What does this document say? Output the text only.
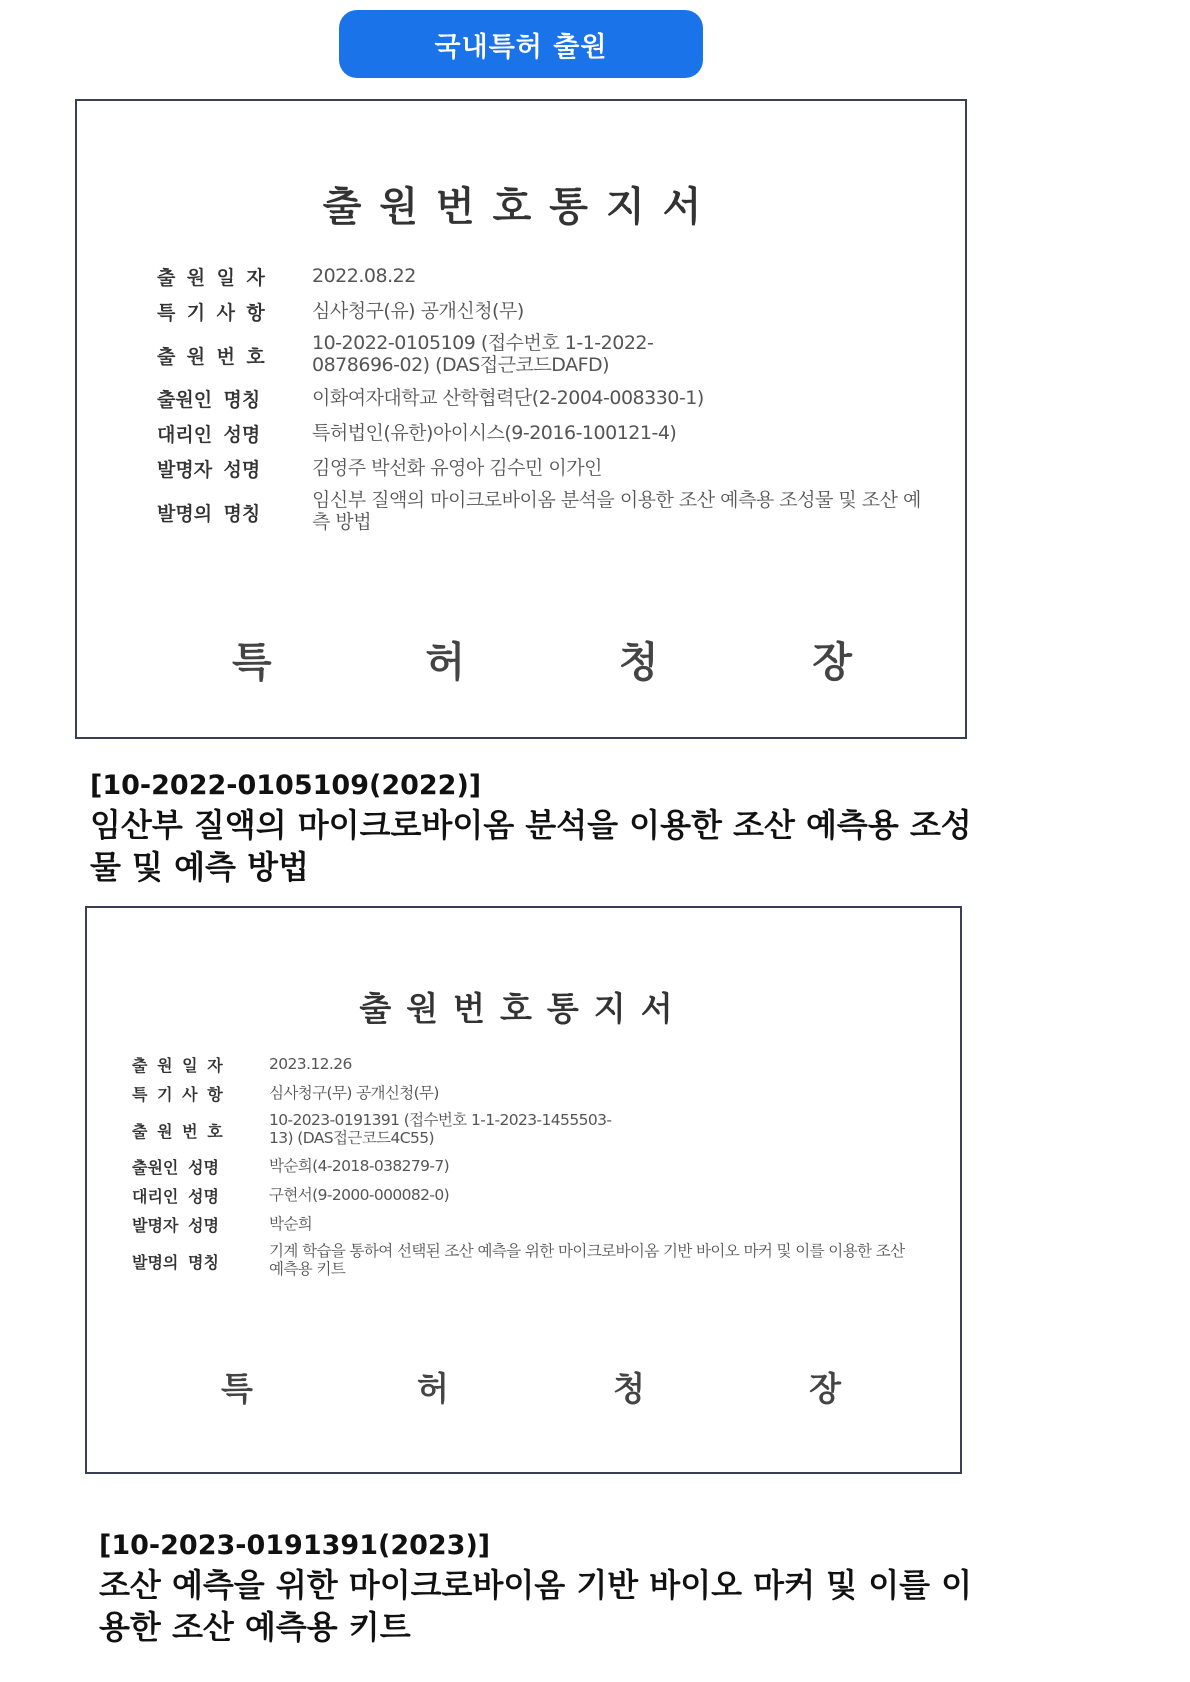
국내특허 출원
출원번호통지서
출 원 일 자	2022.08.22
특 기 사 항	심사청구(유) 공개신청(무)
출 원 번 호
10-2022-0105109 (접수번호 1-1-2022-0878696-02) (DAS접근코드DAFD)
출원인 명칭	이화여자대학교 산학협력단(2-2004-008330-1)
대리인 성명	특허법인(유한)아이시스(9-2016-100121-4)
발명자 성명	김영주 박선화 유영아 김수민 이가인
발명의 명칭
임신부 질액의 마이크로바이옴 분석을 이용한 조산 예측용 조성물 및 조산 예측 방법
특	허	청	장
[10-2022-0105109(2022)]
임산부 질액의 마이크로바이옴 분석을 이용한 조산 예측용 조성물 및 예측 방법
출원번호통지서
출 원 일 자	2023.12.26
특 기 사 항	심사청구(무) 공개신청(무)
출 원 번 호
10-2023-0191391 (접수번호 1-1-2023-1455503-13) (DAS접근코드4C55)
출원인 성명	박순희(4-2018-038279-7)
대리인 성명	구현서(9-2000-000082-0)
발명자 성명	박순희
발명의 명칭
기계 학습을 통하여 선택된 조산 예측을 위한 마이크로바이옴 기반 바이오 마커 및 이를 이용한 조산 예측용 키트
특	허	청	장
[10-2023-0191391(2023)]
조산 예측을 위한 마이크로바이옴 기반 바이오 마커 및 이를 이용한 조산 예측용 키트
